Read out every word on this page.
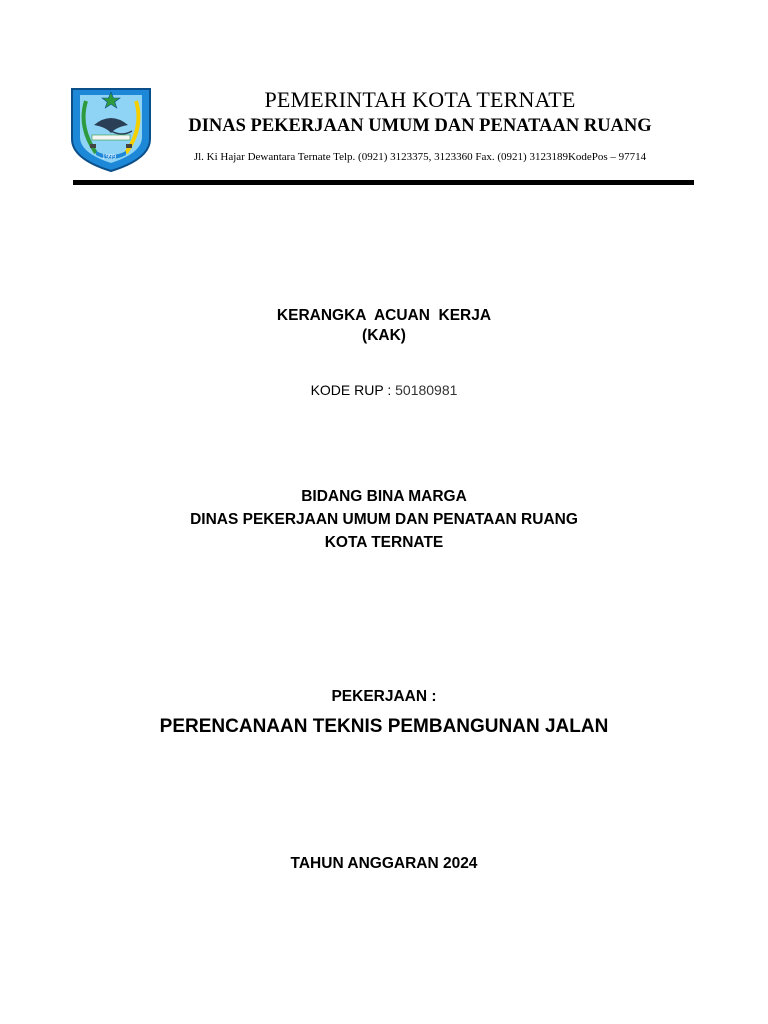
1999
PEMERINTAH KOTA TERNATE
DINAS PEKERJAAN UMUM DAN PENATAAN RUANG
Jl. Ki Hajar Dewantara Ternate Telp. (0921) 3123375, 3123360 Fax. (0921) 3123189KodePos – 97714
KERANGKA  ACUAN  KERJA
(KAK)
KODE RUP : 50180981
BIDANG BINA MARGA
DINAS PEKERJAAN UMUM DAN PENATAAN RUANG
KOTA TERNATE
PEKERJAAN :
PERENCANAAN TEKNIS PEMBANGUNAN JALAN
TAHUN ANGGARAN 2024
